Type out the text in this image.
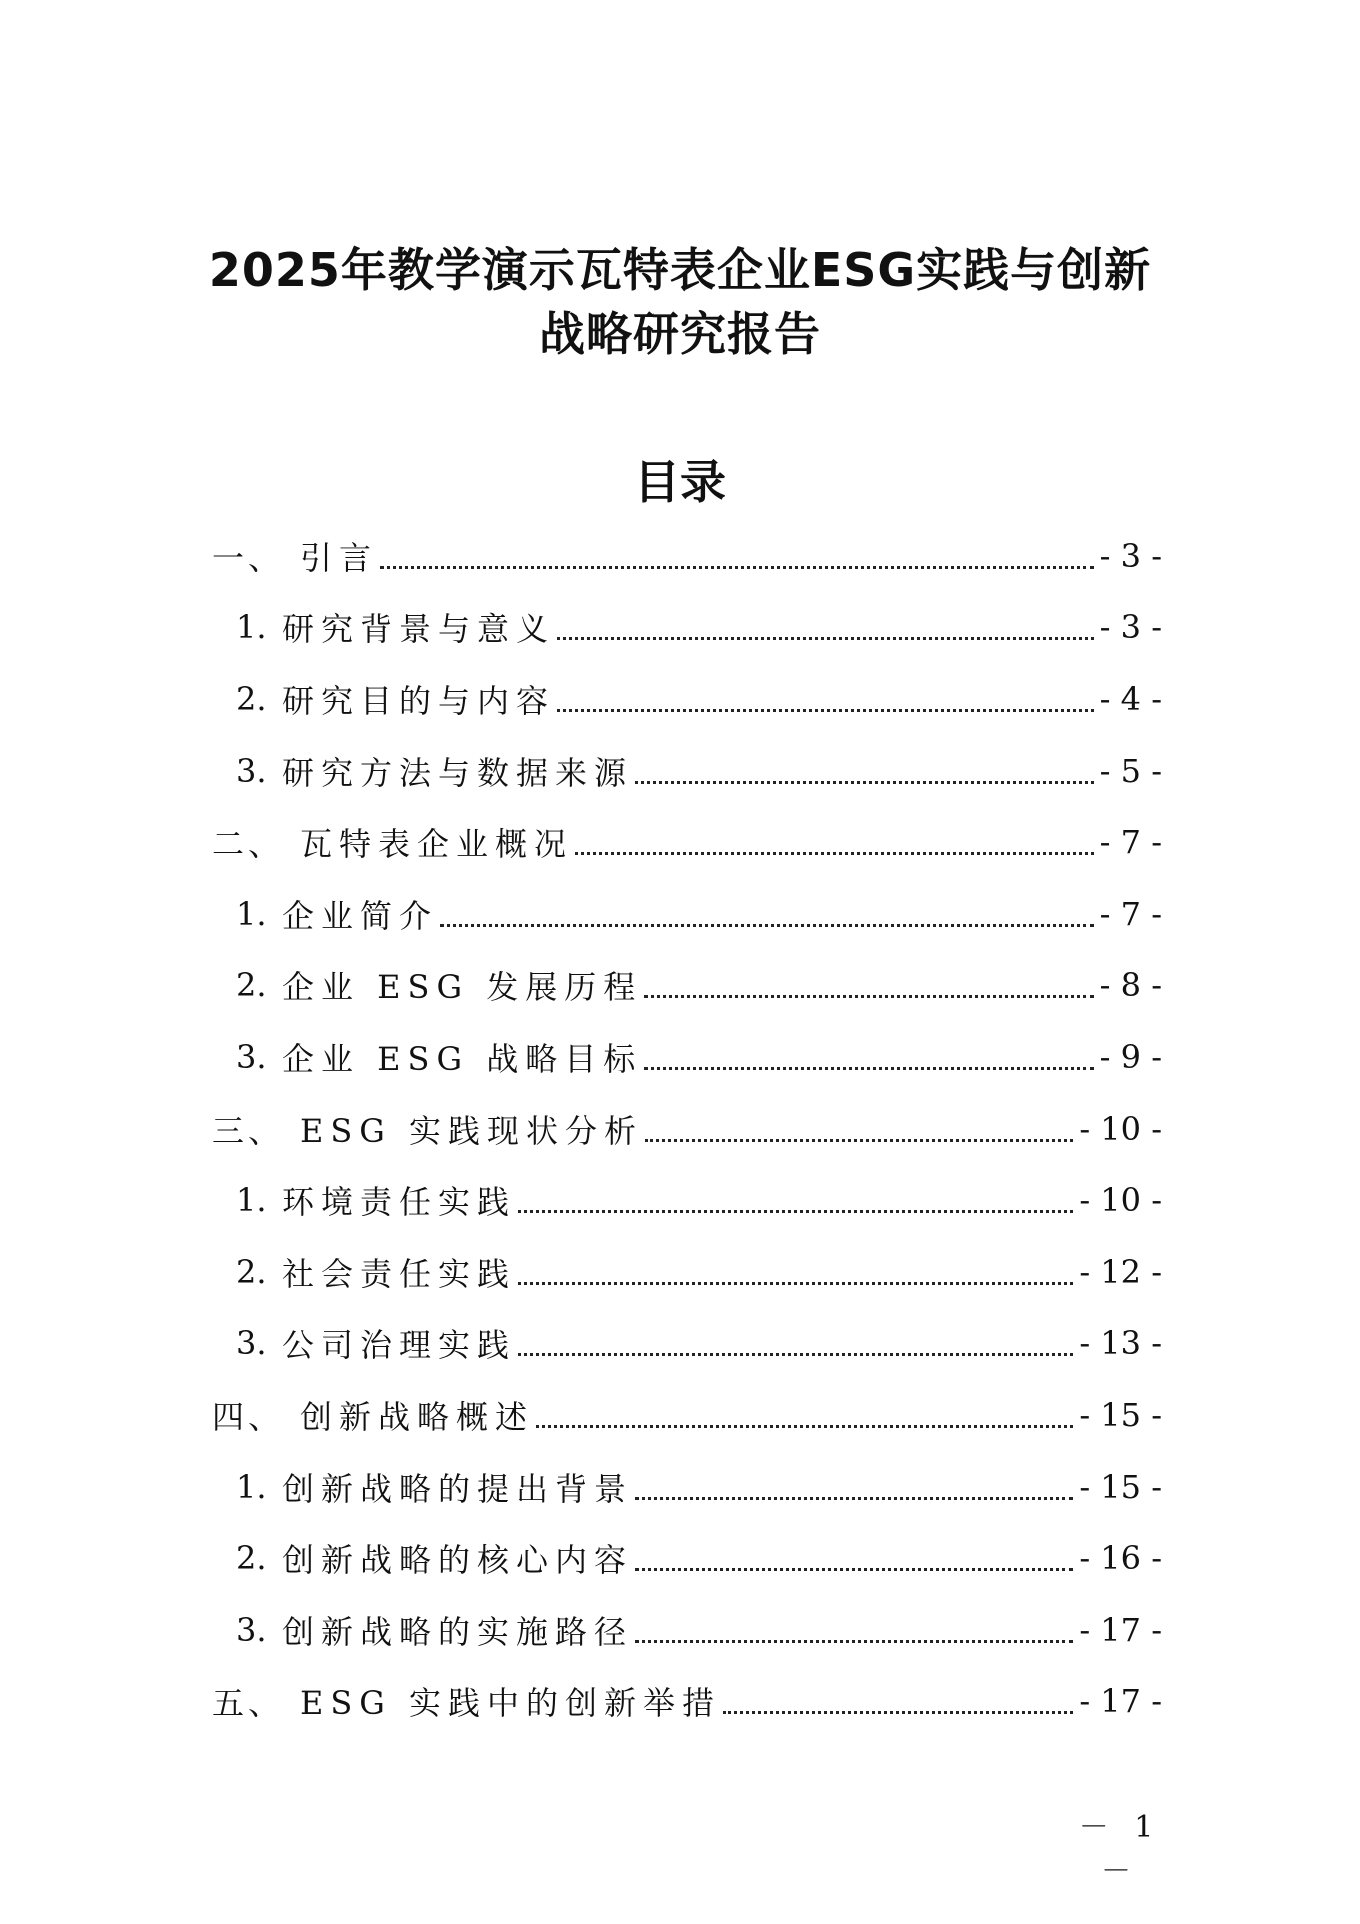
2025年教学演示瓦特表企业ESG实践与创新
战略研究报告
目录
一、 引言	- 3 -
1. 研究背景与意义	- 3 -
2. 研究目的与内容	- 4 -
3. 研究方法与数据来源	- 5 -
二、 瓦特表企业概况	- 7 -
1. 企业简介	- 7 -
2. 企业 ESG 发展历程	- 8 -
3. 企业 ESG 战略目标	- 9 -
三、 ESG 实践现状分析	- 10 -
1. 环境责任实践	- 10 -
2. 社会责任实践	- 12 -
3. 公司治理实践	- 13 -
四、 创新战略概述	- 15 -
1. 创新战略的提出背景	- 15 -
2. 创新战略的核心内容	- 16 -
3. 创新战略的实施路径	- 17 -
五、 ESG 实践中的创新举措	- 17 -
－ 1 －
